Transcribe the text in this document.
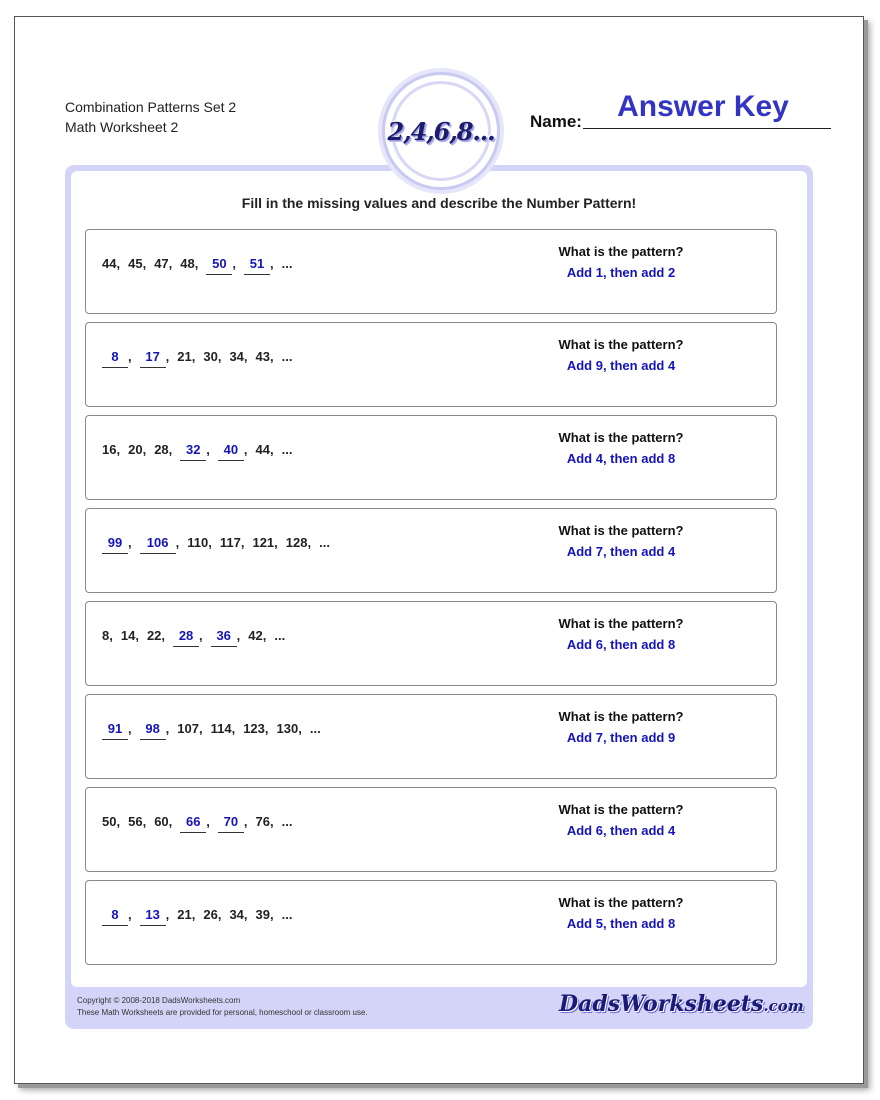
Combination Patterns Set 2
Math Worksheet 2	2,4,6,8... Name:	Answer Key
Fill in the missing values and describe the Number Pattern!
44 , 45 , 47 , 48 ,	50 ,	51 , ...
What is the pattern?
Add 1, then add 2
8 ,	17 , 21 , 30 , 34 , 43 , ...
What is the pattern?
Add 9, then add 4
16 , 20 , 28 ,	32 ,	40 , 44 , ...
What is the pattern?
Add 4, then add 8
99 ,	106 , 110 , 117 , 121 , 128 , ...
What is the pattern?
Add 7, then add 4
8 , 14 , 22 ,	28 ,	36 , 42 , ...
What is the pattern?
Add 6, then add 8
91 ,	98 , 107 , 114 , 123 , 130 , ...
What is the pattern?
Add 7, then add 9
50 , 56 , 60 ,	66 ,	70 , 76 , ...
What is the pattern?
Add 6, then add 4
8 ,	13 , 21 , 26 , 34 , 39 , ...
What is the pattern?
Add 5, then add 8
Copyright © 2008-2018 DadsWorksheets.com
These Math Worksheets are provided for personal, homeschool or classroom use.	DadsWorksheets.com
